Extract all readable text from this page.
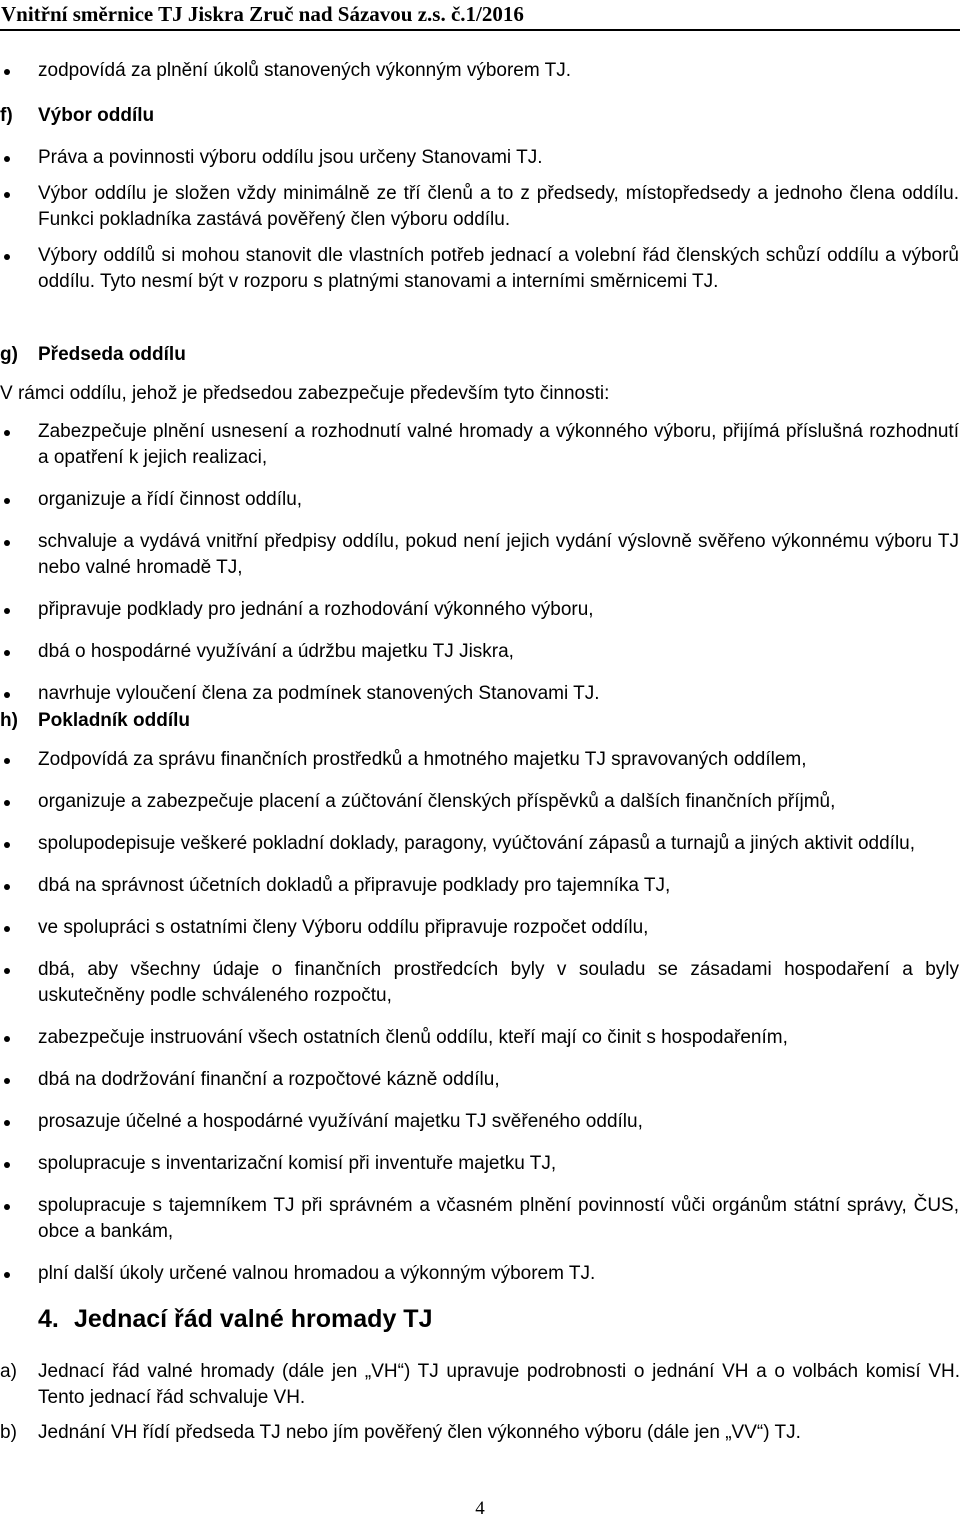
Vnitřní směrnice TJ Jiskra Zruč nad Sázavou z.s. č.1/2016
zodpovídá za plnění úkolů stanovených výkonným výborem TJ.
f) Výbor oddílu
Práva a povinnosti výboru oddílu jsou určeny Stanovami TJ.
Výbor oddílu je složen vždy minimálně ze tří členů a to z předsedy, místopředsedy a jednoho člena oddílu. Funkci pokladníka zastává pověřený člen výboru oddílu.
Výbory oddílů si mohou stanovit dle vlastních potřeb jednací a volební řád členských schůzí oddílu a výborů oddílu. Tyto nesmí být v rozporu s platnými stanovami a interními směrnicemi TJ.
g) Předseda oddílu
V rámci oddílu, jehož je předsedou zabezpečuje především tyto činnosti:
Zabezpečuje plnění usnesení a rozhodnutí valné hromady a výkonného výboru, přijímá příslušná rozhodnutí a opatření k jejich realizaci,
organizuje a řídí činnost oddílu,
schvaluje a vydává vnitřní předpisy oddílu, pokud není jejich vydání výslovně svěřeno výkonnému výboru TJ nebo valné hromadě TJ,
připravuje podklady pro jednání a rozhodování výkonného výboru,
dbá o hospodárné využívání a údržbu majetku TJ Jiskra,
navrhuje vyloučení člena za podmínek stanovených Stanovami TJ.
h) Pokladník oddílu
Zodpovídá za správu finančních prostředků a hmotného majetku TJ spravovaných oddílem,
organizuje a zabezpečuje placení a zúčtování členských příspěvků a dalších finančních příjmů,
spolupodepisuje veškeré pokladní doklady, paragony, vyúčtování zápasů a turnajů a jiných aktivit oddílu,
dbá na správnost účetních dokladů a připravuje podklady pro tajemníka TJ,
ve spolupráci s ostatními členy Výboru oddílu připravuje rozpočet oddílu,
dbá, aby všechny údaje o finančních prostředcích byly v souladu se zásadami hospodaření a byly uskutečněny podle schváleného rozpočtu,
zabezpečuje instruování všech ostatních členů oddílu, kteří mají co činit s hospodařením,
dbá na dodržování finanční a rozpočtové kázně oddílu,
prosazuje účelné a hospodárné využívání majetku TJ svěřeného oddílu,
spolupracuje s inventarizační komisí při inventuře majetku TJ,
spolupracuje s tajemníkem TJ při správném a včasném plnění povinností vůči orgánům státní správy, ČUS, obce a bankám,
plní další úkoly určené valnou hromadou a výkonným výborem TJ.
4. Jednací řád valné hromady TJ
a)	Jednací řád valné hromady (dále jen „VH“) TJ upravuje podrobnosti o jednání VH a o volbách komisí VH. Tento jednací řád schvaluje VH.
b)	Jednání VH řídí předseda TJ nebo jím pověřený člen výkonného výboru (dále jen „VV“) TJ.
4
